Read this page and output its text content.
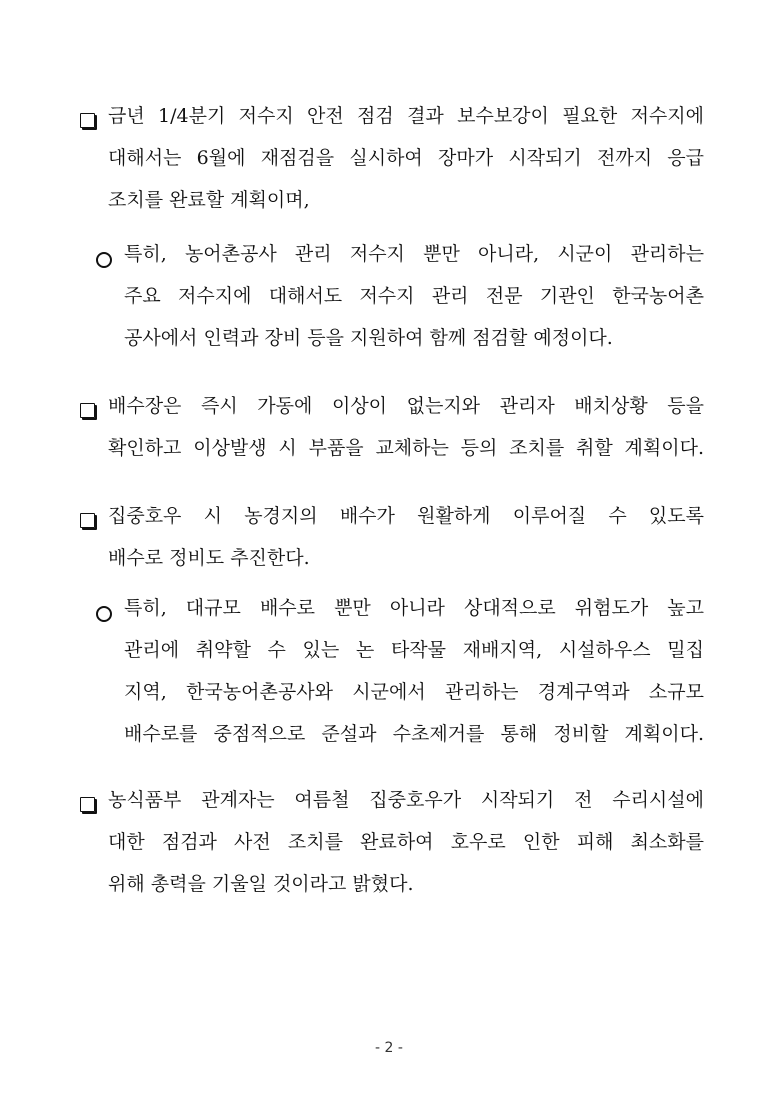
금년 1/4분기 저수지 안전 점검 결과 보수보강이 필요한 저수지에
대해서는 6월에 재점검을 실시하여 장마가 시작되기 전까지 응급
조치를 완료할 계획이며,
특히, 농어촌공사 관리 저수지 뿐만 아니라, 시군이 관리하는
주요 저수지에 대해서도 저수지 관리 전문 기관인 한국농어촌
공사에서 인력과 장비 등을 지원하여 함께 점검할 예정이다.
배수장은 즉시 가동에 이상이 없는지와 관리자 배치상황 등을
확인하고 이상발생 시 부품을 교체하는 등의 조치를 취할 계획이다.
집중호우 시 농경지의 배수가 원활하게 이루어질 수 있도록
배수로 정비도 추진한다.
특히, 대규모 배수로 뿐만 아니라 상대적으로 위험도가 높고
관리에 취약할 수 있는 논 타작물 재배지역, 시설하우스 밀집
지역, 한국농어촌공사와 시군에서 관리하는 경계구역과 소규모
배수로를 중점적으로 준설과 수초제거를 통해 정비할 계획이다.
농식품부 관계자는 여름철 집중호우가 시작되기 전 수리시설에
대한 점검과 사전 조치를 완료하여 호우로 인한 피해 최소화를
위해 총력을 기울일 것이라고 밝혔다.
- 2 -
